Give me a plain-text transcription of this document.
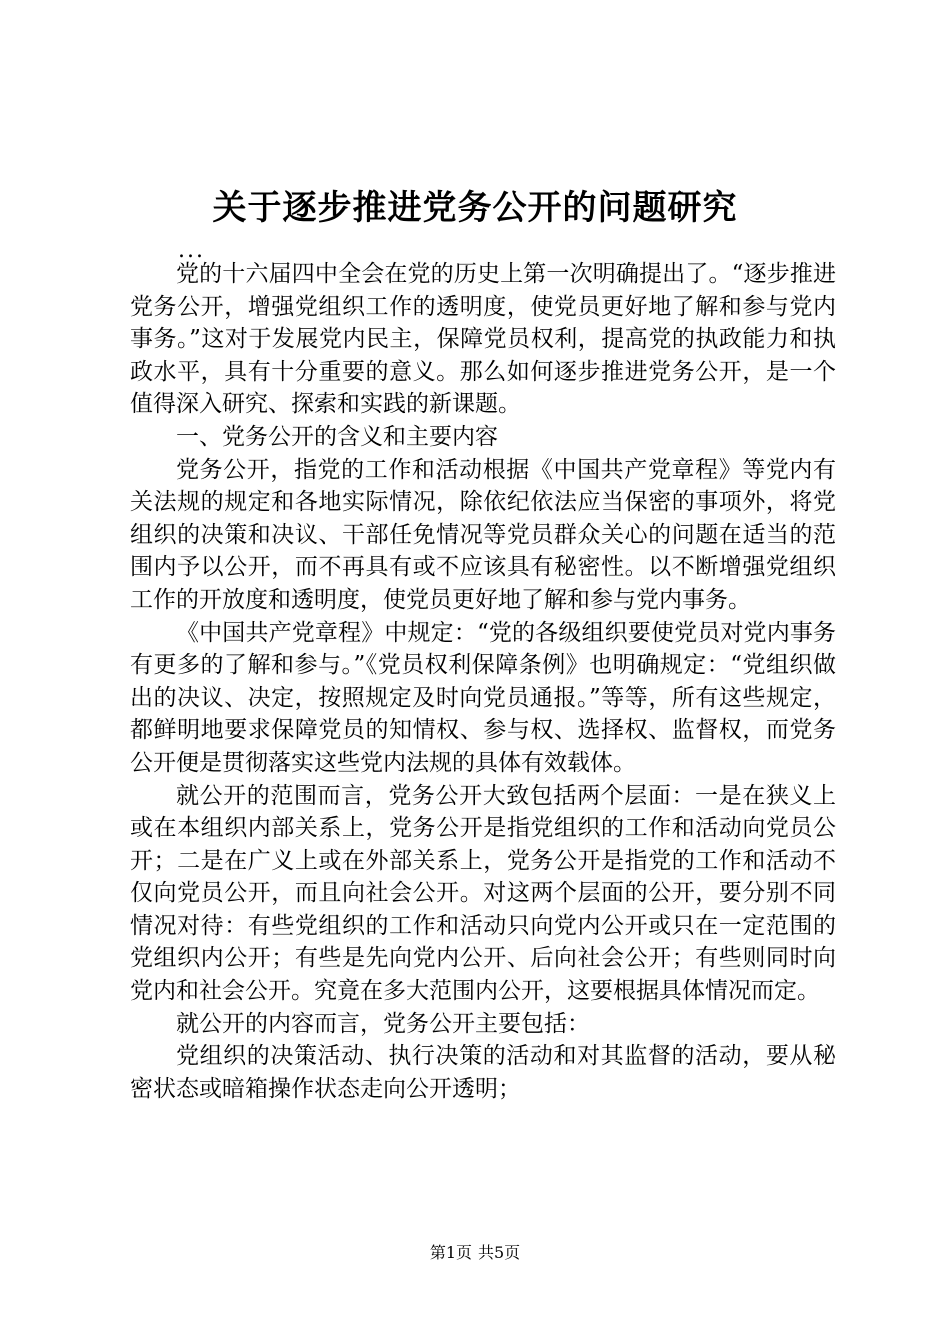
关于逐步推进党务公开的问题研究
...

党的十六届四中全会在党的历史上第一次明确提出了。“逐步推进党务公开，增强党组织工作的透明度，使党员更好地了解和参与党内事务。”这对于发展党内民主，保障党员权利，提高党的执政能力和执政水平，具有十分重要的意义。那么如何逐步推进党务公开，是一个值得深入研究、探索和实践的新课题。

一、党务公开的含义和主要内容

党务公开，指党的工作和活动根据《中国共产党章程》等党内有关法规的规定和各地实际情况，除依纪依法应当保密的事项外，将党组织的决策和决议、干部任免情况等党员群众关心的问题在适当的范围内予以公开，而不再具有或不应该具有秘密性。以不断增强党组织工作的开放度和透明度，使党员更好地了解和参与党内事务。

《中国共产党章程》中规定：“党的各级组织要使党员对党内事务有更多的了解和参与。”《党员权利保障条例》也明确规定：“党组织做出的决议、决定，按照规定及时向党员通报。”等等，所有这些规定，都鲜明地要求保障党员的知情权、参与权、选择权、监督权，而党务公开便是贯彻落实这些党内法规的具体有效载体。

就公开的范围而言，党务公开大致包括两个层面：一是在狭义上或在本组织内部关系上，党务公开是指党组织的工作和活动向党员公开；二是在广义上或在外部关系上，党务公开是指党的工作和活动不仅向党员公开，而且向社会公开。对这两个层面的公开，要分别不同情况对待：有些党组织的工作和活动只向党内公开或只在一定范围的党组织内公开；有些是先向党内公开、后向社会公开；有些则同时向党内和社会公开。究竟在多大范围内公开，这要根据具体情况而定。

就公开的内容而言，党务公开主要包括：

党组织的决策活动、执行决策的活动和对其监督的活动，要从秘密状态或暗箱操作状态走向公开透明；

第1页 共5页
